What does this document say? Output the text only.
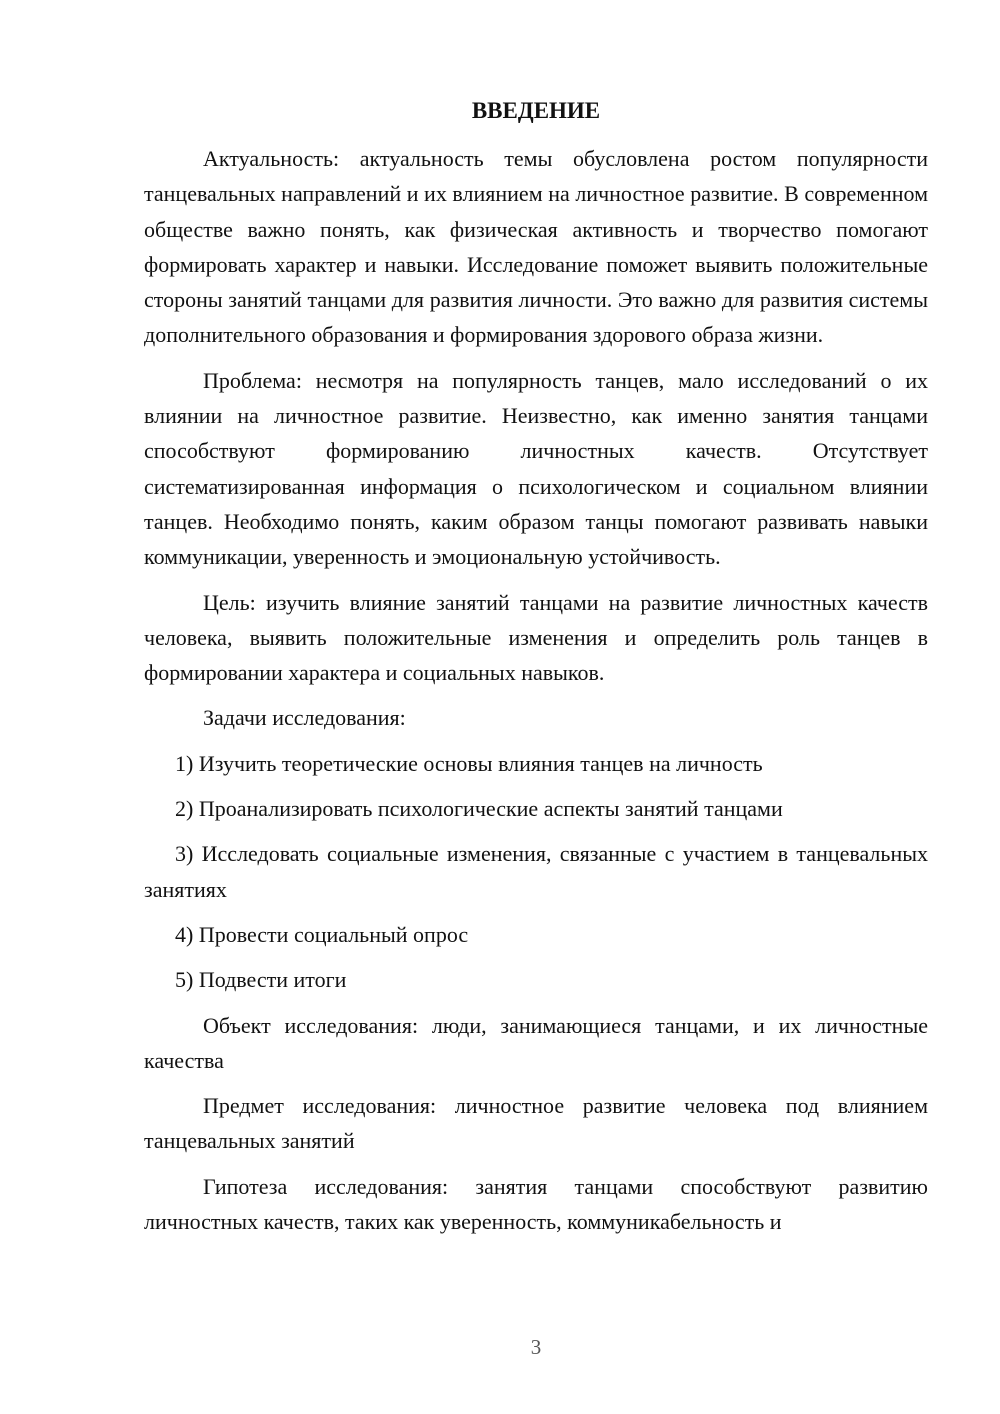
ВВЕДЕНИЕ

Актуальность: актуальность темы обусловлена ростом популярности танцевальных направлений и их влиянием на личностное развитие. В современном обществе важно понять, как физическая активность и творчество помогают формировать характер и навыки. Исследование поможет выявить положительные стороны занятий танцами для развития личности. Это важно для развития системы дополнительного образования и формирования здорового образа жизни.

Проблема: несмотря на популярность танцев, мало исследований о их влиянии на личностное развитие. Неизвестно, как именно занятия танцами способствуют формированию личностных качеств. Отсутствует систематизированная информация о психологическом и социальном влиянии танцев. Необходимо понять, каким образом танцы помогают развивать навыки коммуникации, уверенность и эмоциональную устойчивость.

Цель: изучить влияние занятий танцами на развитие личностных качеств человека, выявить положительные изменения и определить роль танцев в формировании характера и социальных навыков.

Задачи исследования:

1) Изучить теоретические основы влияния танцев на личность

2) Проанализировать психологические аспекты занятий танцами

3) Исследовать социальные изменения, связанные с участием в танцевальных занятиях

4) Провести социальный опрос

5) Подвести итоги

Объект исследования: люди, занимающиеся танцами, и их личностные качества

Предмет исследования: личностное развитие человека под влиянием танцевальных занятий

Гипотеза исследования: занятия танцами способствуют развитию личностных качеств, таких как уверенность, коммуникабельность и

3
